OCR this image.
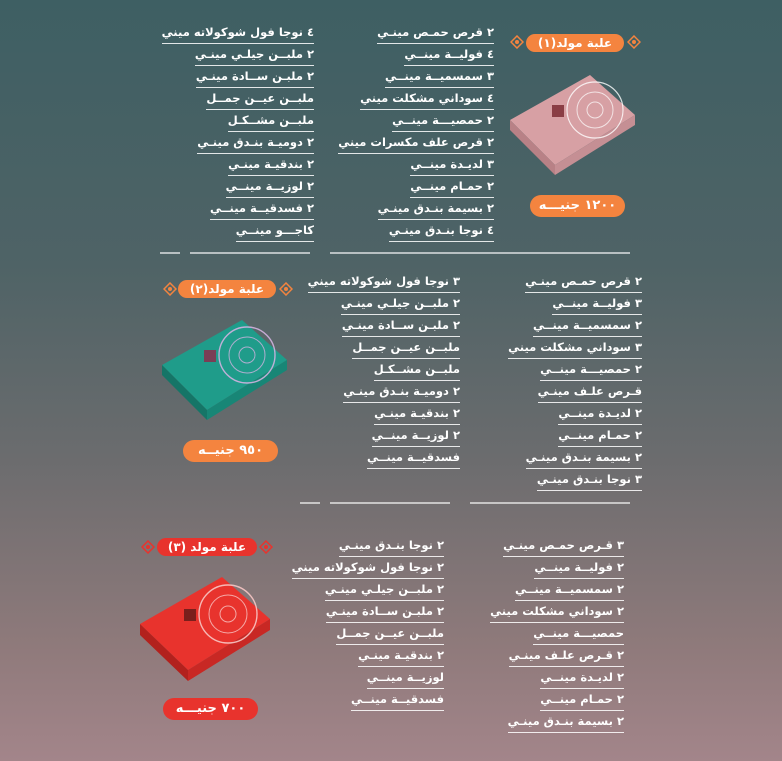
علبة مولد(١)
١٢٠٠ جنيـــه
٢ قرص حمـص مينـي
٤ فوليــة مينــي
٣ سمسميــة مينــي
٤ سوداني مشكلت ميني
٢ حمصيـــة مينــي
٢ قرص علف مكسرات ميني
٣ لديـدة مينــي
٢ حمـام مينــي
٢ بسيمة بنـدق مينـي
٤ نوجا بنـدق مينـي
٤ نوجا فول شوكولاته ميني
٢ ملبــن جيلـي مينـي
٢ ملبـن ســادة مينـي
ملبــن عيــن جمــل
ملبــن مشــكـل
٢ دوميـة بنـدق مينـي
٢ بندقيـة مينـي
٢ لوزيــة مينــي
٢ فسدقيــة مينــي
كاجـــو مينــي
علبة مولد(٢)
٩٥٠ جنيــه
٢ قرص حمـص مينـي
٣ فوليــة مينــي
٢ سمسميــة مينــي
٣ سوداني مشكلت ميني
٢ حمصيـــة مينــي
قـرص علـف مينـي
٢ لديـدة مينــي
٢ حمـام مينــي
٢ بسيمة بنـدق مينـي
٣ نوجا بنـدق مينـي
٣ نوجا فول شوكولاته ميني
٢ ملبــن جيلـي مينـي
٢ ملبـن ســادة مينـي
ملبــن عيــن جمــل
ملبــن مشــكـل
٢ دوميـة بنـدق مينـي
٢ بندقيـة مينـي
٢ لوزيــة مينــي
فسدقيــة مينــي
علبة مولد (٣)
٧٠٠ جنيـــه
٣ قـرص حمـص مينـي
٢ فوليــة مينــي
٢ سمسميــة مينــي
٢ سوداني مشكلت ميني
حمصيـــة مينــي
٢ قـرص علـف مينـي
٢ لديـدة مينــي
٢ حمـام مينــي
٢ بسيمة بنـدق مينـي
٢ نوجا بنـدق مينـي
٢ نوجا فول شوكولاته ميني
٢ ملبــن جيلـي مينـي
٢ ملبـن ســادة مينـي
ملبــن عيــن جمــل
٢ بندقيـة مينـي
لوزيــة مينــي
فسدقيــة مينــي
